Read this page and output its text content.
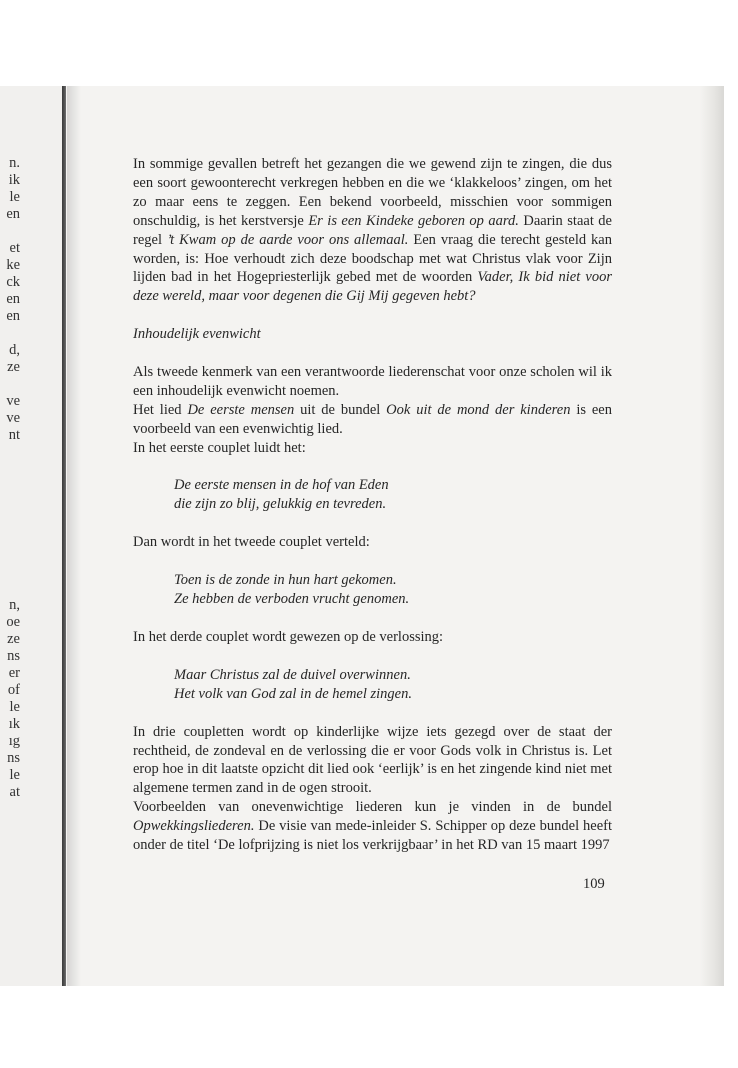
n.
ik
le
en
et
ke
ck
en
en
d,
ze
ve
ve
nt
n,
oe
ze
ns
er
of
le
ık
ıg
ns
le
at

In sommige gevallen betreft het gezangen die we gewend zijn te zingen, die dus een soort gewoonterecht verkregen hebben en die we ‘klakkeloos’ zingen, om het zo maar eens te zeggen. Een bekend voorbeeld, misschien voor sommigen onschuldig, is het kerstversje Er is een Kindeke geboren op aard. Daarin staat de regel ’t Kwam op de aarde voor ons allemaal. Een vraag die terecht gesteld kan worden, is: Hoe verhoudt zich deze boodschap met wat Christus vlak voor Zijn lijden bad in het Hogepriesterlijk gebed met de woorden Vader, Ik bid niet voor deze wereld, maar voor degenen die Gij Mij gegeven hebt?

Inhoudelijk evenwicht

Als tweede kenmerk van een verantwoorde liederenschat voor onze scholen wil ik een inhoudelijk evenwicht noemen.

Het lied De eerste mensen uit de bundel Ook uit de mond der kinderen is een voorbeeld van een evenwichtig lied.

In het eerste couplet luidt het:

De eerste mensen in de hof van Eden
die zijn zo blij, gelukkig en tevreden.

Dan wordt in het tweede couplet verteld:

Toen is de zonde in hun hart gekomen.
Ze hebben de verboden vrucht genomen.

In het derde couplet wordt gewezen op de verlossing:

Maar Christus zal de duivel overwinnen.
Het volk van God zal in de hemel zingen.

In drie coupletten wordt op kinderlijke wijze iets gezegd over de staat der rechtheid, de zondeval en de verlossing die er voor Gods volk in Christus is. Let erop hoe in dit laatste opzicht dit lied ook ‘eerlijk’ is en het zingende kind niet met algemene termen zand in de ogen strooit.

Voorbeelden van onevenwichtige liederen kun je vinden in de bundel Opwekkingsliederen. De visie van mede-inleider S. Schipper op deze bundel heeft onder de titel ‘De lofprijzing is niet los verkrijgbaar’ in het RD van 15 maart 1997

109
